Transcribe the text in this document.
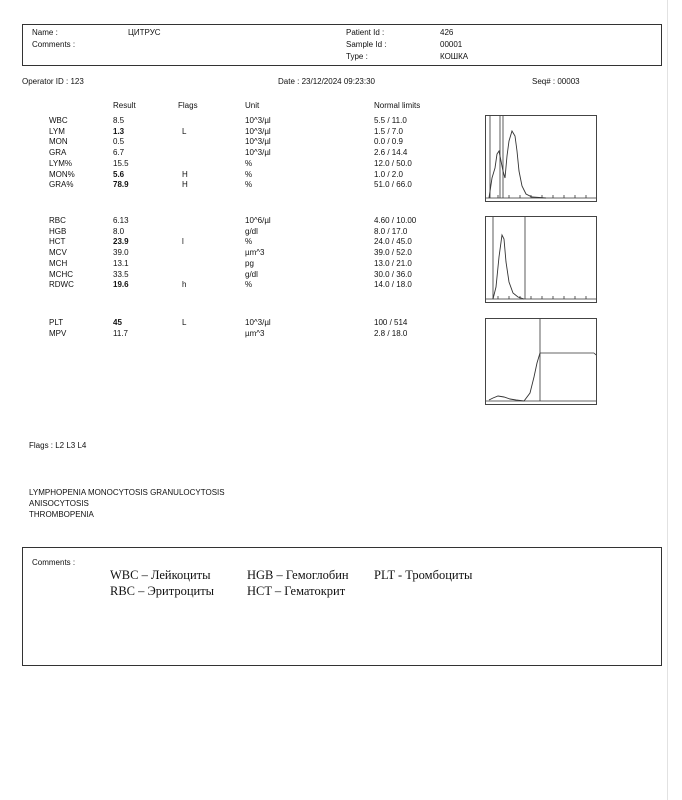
Name :	ЦИТРУС
Comments :
Patient Id :	426
Sample Id :	00001
Type :	КОШКА
Operator ID : 123	Date : 23/12/2024 09:23:30	Seq# : 00003
Result	Flags	Unit	Normal limits
WBC	8.5	10^3/µl	5.5 / 11.0
LYM	1.3	L	10^3/µl	1.5 / 7.0
MON	0.5	10^3/µl	0.0 / 0.9
GRA	6.7	10^3/µl	2.6 / 14.4
LYM%	15.5	%	12.0 / 50.0
MON%	5.6	H	%	1.0 / 2.0
GRA%	78.9	H	%	51.0 / 66.0
RBC	6.13	10^6/µl	4.60 / 10.00
HGB	8.0	g/dl	8.0 / 17.0
HCT	23.9	l	%	24.0 / 45.0
MCV	39.0	µm^3	39.0 / 52.0
MCH	13.1	pg	13.0 / 21.0
MCHC	33.5	g/dl	30.0 / 36.0
RDWC	19.6	h	%	14.0 / 18.0
PLT	45	L	10^3/µl	100 / 514
MPV	11.7	µm^3	2.8 / 18.0
Flags : L2 L3 L4
LYMPHOPENIA MONOCYTOSIS GRANULOCYTOSIS
ANISOCYTOSIS
THROMBOPENIA
Comments :
WBC – Лейкоциты	HGB – Гемоглобин PLT - Тромбоциты
RBC – Эритроциты	HCT – Гематокрит
